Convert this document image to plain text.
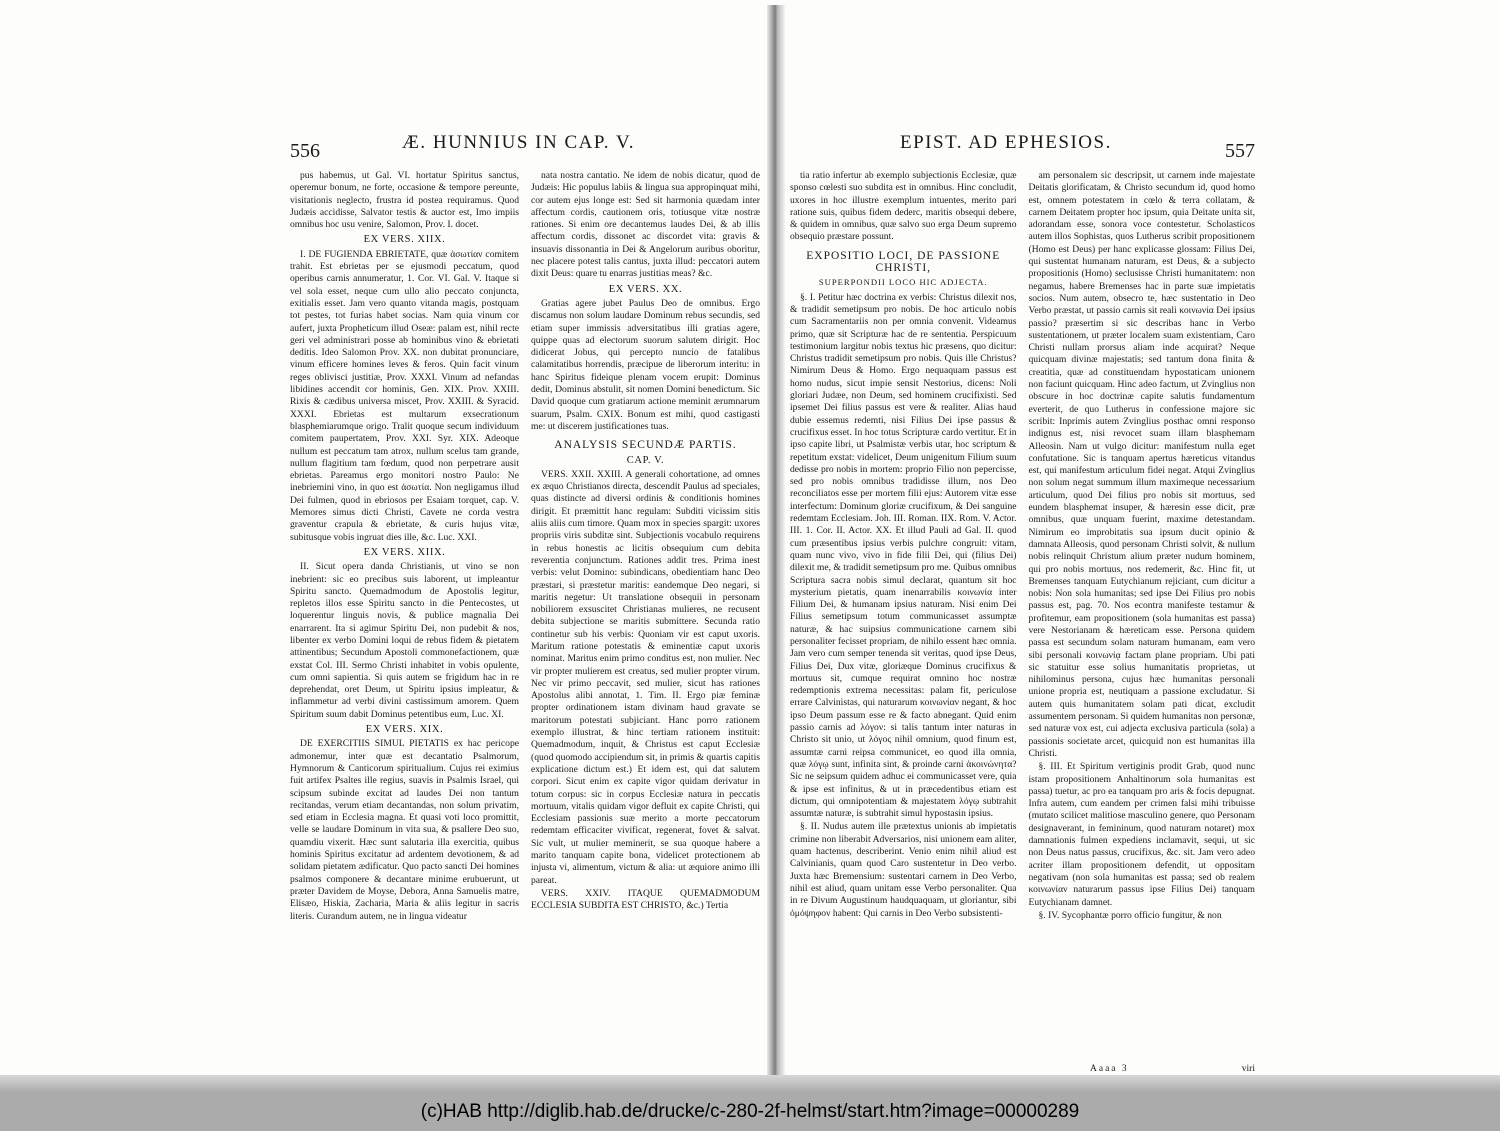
556	Æ. HUNNIUS IN CAP. V.

pus habemus, ut Gal. VI. hortatur Spiritus sanctus, operemur bonum, ne forte, occasione & tempore pereunte, visitationis neglecto, frustra id postea requiramus. Quod Judæis accidisse, Salvator testis & auctor est, Imo impiis omnibus hoc usu venire, Salomon, Prov. I. docet.

EX VERS. XIIX.

I. DE FUGIENDA EBRIETATE, quæ ἀσωτίαν comitem trahit. Est ebrietas per se ejusmodi peccatum, quod operibus carnis annumeratur, 1. Cor. VI. Gal. V. Itaque si vel sola esset, neque cum ullo alio peccato conjuncta, exitialis esset. Jam vero quanto vitanda magis, postquam tot pestes, tot furias habet socias. Nam quia vinum cor aufert, juxta Propheticum illud Oseæ: palam est, nihil recte geri vel administrari posse ab hominibus vino & ebrietati deditis. Ideo Salomon Prov. XX. non dubitat pronunciare, vinum efficere homines leves & feros. Quin facit vinum reges oblivisci justitiæ, Prov. XXXI. Vinum ad nefandas libidines accendit cor hominis, Gen. XIX. Prov. XXIII. Rixis & cædibus universa miscet, Prov. XXIII. & Syracid. XXXI. Ebrietas est multarum exsecrationum blasphemiarumque origo. Tralit quoque secum individuum comitem paupertatem, Prov. XXI. Syr. XIX. Adeoque nullum est peccatum tam atrox, nullum scelus tam grande, nullum flagitium tam fœdum, quod non perpetrare ausit ebrietas. Pareamus ergo monitori nostro Paulo: Ne inebriemini vino, in quo est ἀσωτία. Non negligamus illud Dei fulmen, quod in ebriosos per Esaiam torquet, cap. V. Memores simus dicti Christi, Cavete ne corda vestra graventur crapula & ebrietate, & curis hujus vitæ, subitusque vobis ingruat dies ille, &c. Luc. XXI.

EX VERS. XIIX.

II. Sicut opera danda Christianis, ut vino se non inebrient: sic eo precibus suis laborent, ut impleantur Spiritu sancto. Quemadmodum de Apostolis legitur, repletos illos esse Spiritu sancto in die Pentecostes, ut loquerentur linguis novis, & publice magnalia Dei enarrarent. Ita si agimur Spiritu Dei, non pudebit & nos, libenter ex verbo Domini loqui de rebus fidem & pietatem attinentibus; Secundum Apostoli commonefactionem, quæ exstat Col. III. Sermo Christi inhabitet in vobis opulente, cum omni sapientia. Si quis autem se frigidum hac in re deprehendat, oret Deum, ut Spiritu ipsius impleatur, & inflammetur ad verbi divini castissimum amorem. Quem Spiritum suum dabit Dominus petentibus eum, Luc. XI.

EX VERS. XIX.

DE EXERCITIIS SIMUL PIETATIS ex hac pericope admonemur, inter quæ est decantatio Psalmorum, Hymnorum & Canticorum spiritualium. Cujus rei eximius fuit artifex Psaltes ille regius, suavis in Psalmis Israel, qui scipsum subinde excitat ad laudes Dei non tantum recitandas, verum etiam decantandas, non solum privatim, sed etiam in Ecclesia magna. Et quasi voti loco promittit, velle se laudare Dominum in vita sua, & psallere Deo suo, quamdiu vixerit. Hæc sunt salutaria illa exercitia, quibus hominis Spiritus excitatur ad ardentem devotionem, & ad solidam pietatem ædificatur. Quo pacto sancti Dei homines psalmos componere & decantare minime erubuerunt, ut præter Davidem de Moyse, Debora, Anna Samuelis matre, Elisæo, Hiskia, Zacharia, Maria & aliis legitur in sacris literis. Curandum autem, ne in lingua videatur

nata nostra cantatio. Ne idem de nobis dicatur, quod de Judæis: Hic populus labiis & lingua sua appropinquat mihi, cor autem ejus longe est: Sed sit harmonia quædam inter affectum cordis, cautionem oris, totiusque vitæ nostræ rationes. Si enim ore decantemus laudes Dei, & ab illis affectum cordis, dissonet ac discordet vita: gravis & insuavis dissonantia in Dei & Angelorum auribus oboritur, nec placere potest talis cantus, juxta illud: peccatori autem dixit Deus: quare tu enarras justitias meas? &c.

EX VERS. XX.

Gratias agere jubet Paulus Deo de omnibus. Ergo discamus non solum laudare Dominum rebus secundis, sed etiam super immissis adversitatibus illi gratias agere, quippe quas ad electorum suorum salutem dirigit. Hoc didicerat Jobus, qui percepto nuncio de fatalibus calamitatibus horrendis, præcipue de liberorum interitu: in hanc Spiritus fideique plenam vocem erupit: Dominus dedit, Dominus abstulit, sit nomen Domini benedictum. Sic David quoque cum gratiarum actione meminit ærumnarum suarum, Psalm. CXIX. Bonum est mihi, quod castigasti me: ut discerem justificationes tuas.

ANALYSIS SECUNDÆ PARTIS.
CAP. V.

VERS. XXII. XXIII. A generali cohortatione, ad omnes ex æquo Christianos directa, descendit Paulus ad speciales, quas distincte ad diversi ordinis & conditionis homines dirigit. Et præmittit hanc regulam: Subditi vicissim sitis aliis aliis cum timore. Quam mox in species spargit: uxores propriis viris subditæ sint. Subjectionis vocabulo requirens in rebus honestis ac licitis obsequium cum debita reverentia conjunctum. Rationes addit tres. Prima inest verbis: velut Domino: subindicans, obedientiam hanc Deo præstari, si præstetur maritis: eandemque Deo negari, si maritis negetur: Ut translatione obsequii in personam nobiliorem exsuscitet Christianas mulieres, ne recusent debita subjectione se maritis submittere. Secunda ratio continetur sub his verbis: Quoniam vir est caput uxoris. Maritum ratione potestatis & eminentiæ caput uxoris nominat. Maritus enim primo conditus est, non mulier. Nec vir propter mulierem est creatus, sed mulier propter virum. Nec vir primo peccavit, sed mulier, sicut has rationes Apostolus alibi annotat, 1. Tim. II. Ergo piæ feminæ propter ordinationem istam divinam haud gravate se maritorum potestati subjiciant. Hanc porro rationem exemplo illustrat, & hinc tertiam rationem instituit: Quemadmodum, inquit, & Christus est caput Ecclesiæ (quod quomodo accipiendum sit, in primis & quartis capitis explicatione dictum est.) Et idem est, qui dat salutem corpori. Sicut enim ex capite vigor quidam derivatur in totum corpus: sic in corpus Ecclesiæ natura in peccatis mortuum, vitalis quidam vigor defluit ex capite Christi, qui Ecclesiam passionis suæ merito a morte peccatorum redemtam efficaciter vivificat, regenerat, fovet & salvat. Sic vult, ut mulier meminerit, se sua quoque habere a marito tanquam capite bona, videlicet protectionem ab injusta vi, alimentum, victum & alia: ut æquiore animo illi pareat.

VERS. XXIV. ITAQUE QUEMADMODUM ECCLESIA SUBDITA EST CHRISTO, &c.) Tertia

EPIST. AD EPHESIOS.	557

tia ratio infertur ab exemplo subjectionis Ecclesiæ, quæ sponso cœlesti suo subdita est in omnibus. Hinc concludit, uxores in hoc illustre exemplum intuentes, merito pari ratione suis, quibus fidem dederc, maritis obsequi debere, & quidem in omnibus, quæ salvo suo erga Deum supremo obsequio præstare possunt.

EXPOSITIO LOCI, DE PASSIONE CHRISTI,
SUPERPONDII LOCO HIC ADJECTA.

§. I. Petitur hæc doctrina ex verbis: Christus dilexit nos, & tradidit semetipsum pro nobis. De hoc articulo nobis cum Sacramentariis non per omnia convenit. Videamus primo, quæ sit Scripturæ hac de re sententia. Perspicuum testimonium largitur nobis textus hic præsens, quo dicitur: Christus tradidit semetipsum pro nobis. Quis ille Christus? Nimirum Deus & Homo. Ergo nequaquam passus est homo nudus, sicut impie sensit Nestorius, dicens: Noli gloriari Judæe, non Deum, sed hominem crucifixisti. Sed ipsemet Dei filius passus est vere & realiter. Alias haud dubie essemus redemti, nisi Filius Dei ipse passus & crucifixus esset. In hoc totus Scripturæ cardo vertitur. Et in ipso capite libri, ut Psalmistæ verbis utar, hoc scriptum & repetitum exstat: videlicet, Deum unigenitum Filium suum dedisse pro nobis in mortem: proprio Filio non pepercisse, sed pro nobis omnibus tradidisse illum, nos Deo reconciliatos esse per mortem filii ejus: Autorem vitæ esse interfectum: Dominum gloriæ crucifixum, & Dei sanguine redemtam Ecclesiam. Joh. III. Roman. IIX. Rom. V. Actor. III. 1. Cor. II. Actor. XX. Et illud Pauli ad Gal. II. quod cum præsentibus ipsius verbis pulchre congruit: vitam, quam nunc vivo, vivo in fide filii Dei, qui (filius Dei) dilexit me, & tradidit semetipsum pro me. Quibus omnibus Scriptura sacra nobis simul declarat, quantum sit hoc mysterium pietatis, quam inenarrabilis κοινωνία inter Filium Dei, & humanam ipsius naturam. Nisi enim Dei Filius semetipsum totum communicasset assumptæ naturæ, & hac suipsius communicatione carnem sibi personaliter fecisset propriam, de nihilo essent hæc omnia. Jam vero cum semper tenenda sit veritas, quod ipse Deus, Filius Dei, Dux vitæ, gloriæque Dominus crucifixus & mortuus sit, cumque requirat omnino hoc nostræ redemptionis extrema necessitas: palam fit, periculose errare Calvinistas, qui naturarum κοινωνίαν negant, & hoc ipso Deum passum esse re & facto abnegant. Quid enim passio carnis ad λόγον: si talis tantum inter naturas in Christo sit unio, ut λόγος nihil omnium, quod finum est, assumtæ carni reipsa communicet, eo quod illa omnia, quæ λόγῳ sunt, infinita sint, & proinde carni ἀκοινώνητα? Sic ne seipsum quidem adhuc ei communicasset vere, quia & ipse est infinitus, & ut in præcedentibus etiam est dictum, qui omnipotentiam & majestatem λόγῳ subtrahit assumtæ naturæ, is subtrahit simul hypostasin ipsius.

§. II. Nudus autem ille prætextus unionis ab impietatis crimine non liberabit Adversarios, nisi unionem eam aliter, quam hactenus, describerint. Venio enim nihil aliud est Calvinianis, quam quod Caro sustentetur in Deo verbo. Juxta hæc Bremensium: sustentari carnem in Deo Verbo, nihil est aliud, quam unitam esse Verbo personaliter. Qua in re Divum Augustinum haudquaquam, ut gloriantur, sibi ὁμόψηφον habent: Qui carnis in Deo Verbo subsistenti-

am personalem sic descripsit, ut carnem inde majestate Deitatis glorificatam, & Christo secundum id, quod homo est, omnem potestatem in cœlo & terra collatam, & carnem Deitatem propter hoc ipsum, quia Deitate unita sit, adorandam esse, sonora voce contestetur. Scholasticos autem illos Sophistas, quos Lutherus scribit propositionem (Homo est Deus) per hanc explicasse glossam: Filius Dei, qui sustentat humanam naturam, est Deus, & a subjecto propositionis (Homo) seclusisse Christi humanitatem: non negamus, habere Bremenses hac in parte suæ impietatis socios. Num autem, obsecro te, hæc sustentatio in Deo Verbo præstat, ut passio carnis sit reali κοινωνία Dei ipsius passio? præsertim si sic describas hanc in Verbo sustentationem, ut præter localem suam existentiam, Caro Christi nullam prorsus aliam inde acquirat? Neque quicquam divinæ majestatis; sed tantum dona finita & creatitia, quæ ad constituendam hypostaticam unionem non faciunt quicquam. Hinc adeo factum, ut Zvinglius non obscure in hoc doctrinæ capite salutis fundamentum everterit, de quo Lutherus in confessione majore sic scribit: Inprimis autem Zvinglius posthac omni responso indignus est, nisi revocet suam illam blasphemam Alleosin. Nam ut vulgo dicitur: manifestum nulla eget confutatione. Sic is tanquam apertus hæreticus vitandus est, qui manifestum articulum fidei negat. Atqui Zvinglius non solum negat summum illum maximeque necessarium articulum, quod Dei filius pro nobis sit mortuus, sed eundem blasphemat insuper, & hæresin esse dicit, præ omnibus, quæ unquam fuerint, maxime detestandam. Nimirum eo improbitatis sua ipsum ducit opinio & damnata Alleosis, quod personam Christi solvit, & nullum nobis relinquit Christum alium præter nudum hominem, qui pro nobis mortuus, nos redemerit, &c. Hinc fit, ut Bremenses tanquam Eutychianum rejiciant, cum dicitur a nobis: Non sola humanitas; sed ipse Dei Filius pro nobis passus est, pag. 70. Nos econtra manifeste testamur & profitemur, eam propositionem (sola humanitas est passa) vere Nestorianam & hæreticam esse. Persona quidem passa est secundum solam naturam humanam, eam vero sibi personali κοινωνίᾳ factam plane propriam. Ubi pati sic statuitur esse solius humanitatis proprietas, ut nihilominus persona, cujus hæc humanitas personali unione propria est, neutiquam a passione excludatur. Si autem quis humanitatem solam pati dicat, excludit assumentem personam. Si quidem humanitas non personæ, sed naturæ vox est, cui adjecta exclusiva particula (sola) a passionis societate arcet, quicquid non est humanitas illa Christi.

§. III. Et Spiritum vertiginis prodit Grab, quod nunc istam propositionem Anhaltinorum sola humanitas est passa) tuetur, ac pro ea tanquam pro aris & focis depugnat. Infra autem, cum eandem per crimen falsi mihi tribuisse (mutato scilicet malitiose masculino genere, quo Personam designaverant, in femininum, quod naturam notaret) mox damnationis fulmen expediens inclamavit, sequi, ut sic non Deus natus passus, crucifixus, &c. sit. Jam vero adeo acriter illam propositionem defendit, ut oppositam negativam (non sola humanitas est passa; sed ob realem κοινωνίαν naturarum passus ipse Filius Dei) tanquam Eutychianam damnet.

§. IV. Sycophantæ porro officio fungitur, & non

Aaaa 3	viri
(c)HAB http://diglib.hab.de/drucke/c-280-2f-helmst/start.htm?image=00000289
